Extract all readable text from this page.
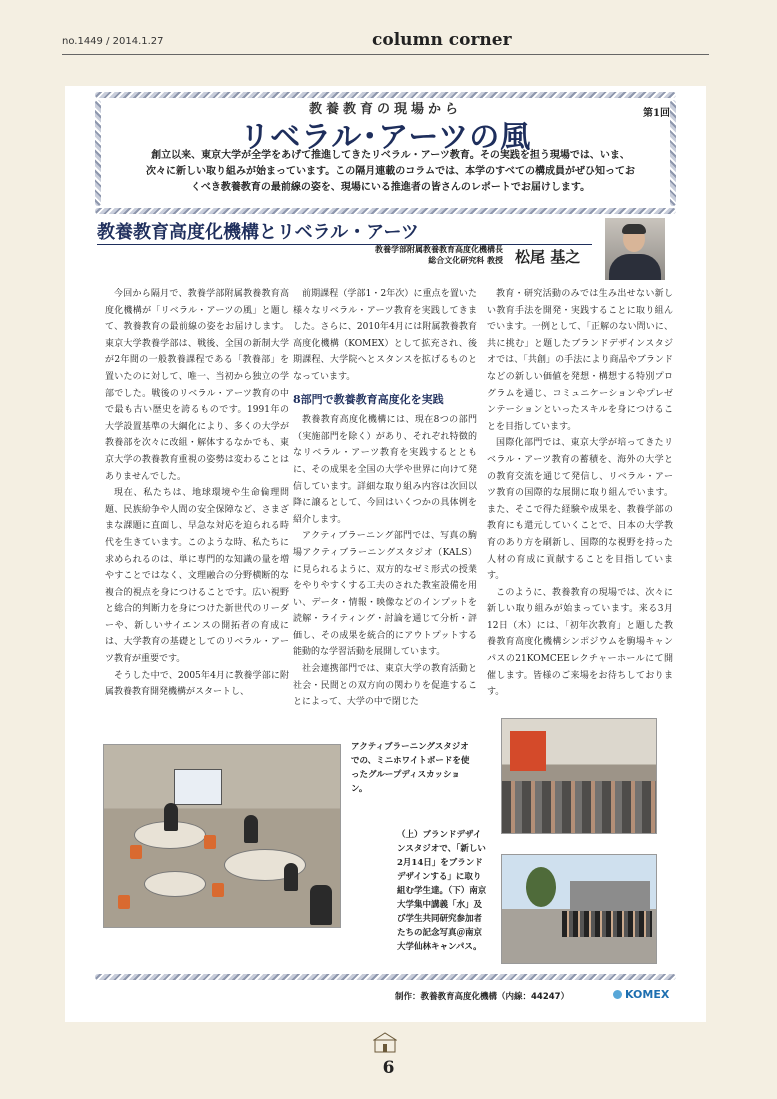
no.1449 / 2014.1.27	column corner
教養教育の現場から
リベラル･アーツの風
第1回
創立以来、東京大学が全学をあげて推進してきたリベラル・アーツ教育。その実践を担う現場では、いま、次々に新しい取り組みが始まっています。この隔月連載のコラムでは、本学のすべての構成員がぜひ知っておくべき教養教育の最前線の姿を、現場にいる推進者の皆さんのレポートでお届けします。
教養教育高度化機構とリベラル・アーツ
教養学部附属教養教育高度化機構長
総合文化研究科 教授 松尾 基之

今回から隔月で、教養学部附属教養教育高度化機構が「リベラル・アーツの風」と題して、教養教育の最前線の姿をお届けします。東京大学教養学部は、戦後、全国の新制大学が2年間の一般教養課程である「教養部」を置いたのに対して、唯一、当初から独立の学部でした。戦後のリベラル・アーツ教育の中で最も古い歴史を誇るものです。1991年の大学設置基準の大綱化により、多くの大学が教養部を次々に改組・解体するなかでも、東京大学の教養教育重視の姿勢は変わることはありませんでした。

現在、私たちは、地球環境や生命倫理問題、民族紛争や人間の安全保障など、さまざまな課題に直面し、早急な対応を迫られる時代を生きています。このような時、私たちに求められるのは、単に専門的な知識の量を増やすことではなく、文理融合の分野横断的な複合的視点を身につけることです。広い視野と総合的判断力を身につけた新世代のリーダーや、新しいサイエンスの開拓者の育成には、大学教育の基礎としてのリベラル・アーツ教育が重要です。

そうした中で、2005年4月に教養学部に附属教養教育開発機構がスタートし、

前期課程（学部1・2年次）に重点を置いた様々なリベラル・アーツ教育を実践してきました。さらに、2010年4月には附属教養教育高度化機構（KOMEX）として拡充され、後期課程、大学院へとスタンスを拡げるものとなっています。

8部門で教養教育高度化を実践

教養教育高度化機構には、現在8つの部門（実施部門を除く）があり、それぞれ特徴的なリベラル・アーツ教育を実践するとともに、その成果を全国の大学や世界に向けて発信しています。詳細な取り組み内容は次回以降に譲るとして、今回はいくつかの具体例を紹介します。

アクティブラーニング部門では、写真の駒場アクティブラーニングスタジオ（KALS）に見られるように、双方的なゼミ形式の授業をやりやすくする工夫のされた教室設備を用い、データ・情報・映像などのインプットを読解・ライティング・討論を通じて分析・評価し、その成果を統合的にアウトプットする能動的な学習活動を展開しています。

社会連携部門では、東京大学の教育活動と社会・民間との双方向の関わりを促進することによって、大学の中で閉じた

教育・研究活動のみでは生み出せない新しい教育手法を開発・実践することに取り組んでいます。一例として、「正解のない問いに、共に挑む」と題したブランドデザインスタジオでは、「共創」の手法により商品やブランドなどの新しい価値を発想・構想する特別プログラムを通じ、コミュニケーションやプレゼンテーションといったスキルを身につけることを目指しています。

国際化部門では、東京大学が培ってきたリベラル・アーツ教育の蓄積を、海外の大学との教育交流を通じて発信し、リベラル・アーツ教育の国際的な展開に取り組んでいます。また、そこで得た経験や成果を、教養学部の教育にも還元していくことで、日本の大学教育のあり方を刷新し、国際的な視野を持った人材の育成に貢献することを目指しています。

このように、教養教育の現場では、次々に新しい取り組みが始まっています。来る3月12日（木）には、「初年次教育」と題した教養教育高度化機構シンポジウムを駒場キャンパスの21KOMCEEレクチャーホールにて開催します。皆様のご来場をお待ちしております。

アクティブラーニングスタジオでの、ミニホワイトボードを使ったグループディスカッション。
（上）ブランドデザインスタジオで、「新しい2月14日」をブランドデザインする」に取り組む学生達。（下）南京大学集中講義「水」及び学生共同研究参加者たちの記念写真＠南京大学仙林キャンパス。
制作：教養教育高度化機構（内線：44247）	KOMEX
6
